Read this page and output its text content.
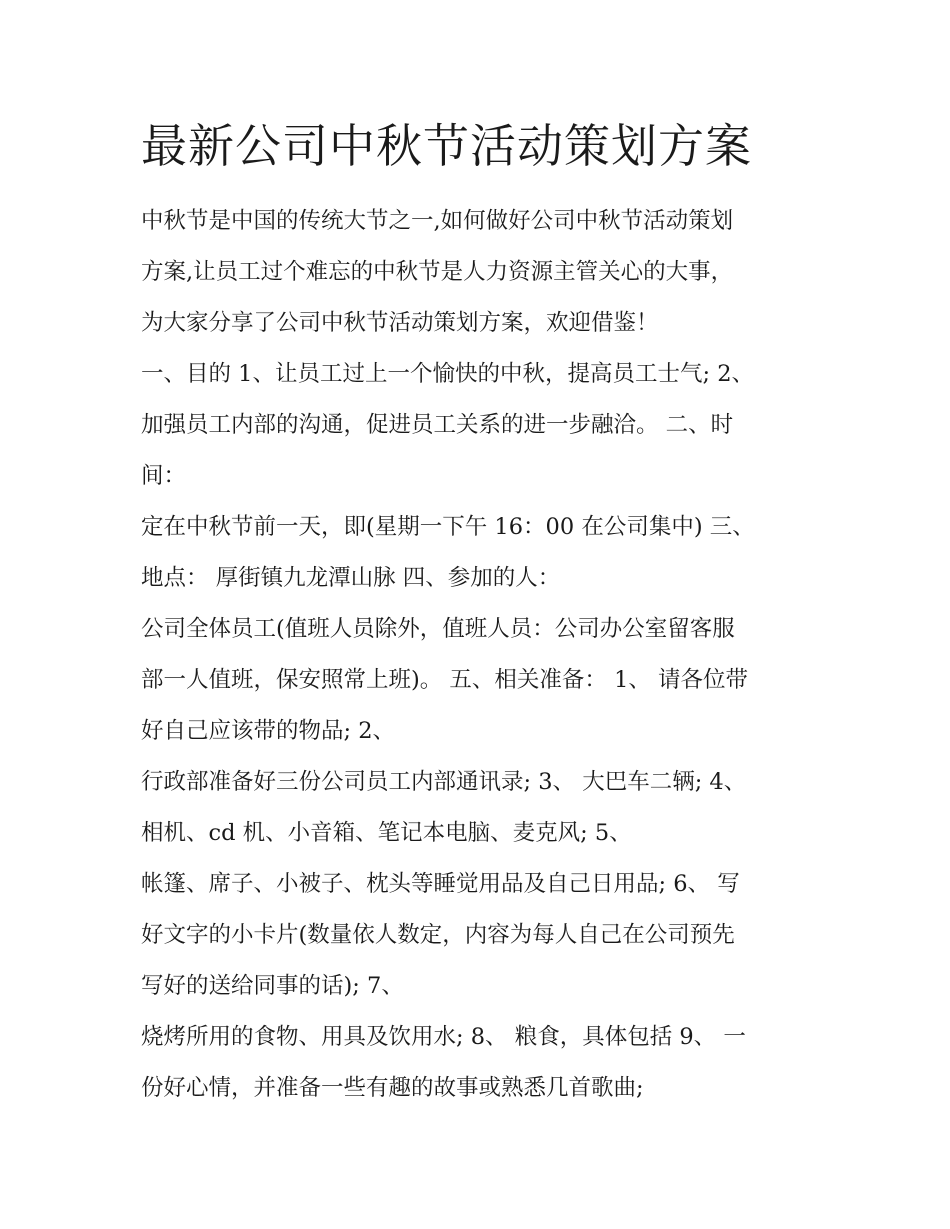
最新公司中秋节活动策划方案

中秋节是中国的传统大节之一,如何做好公司中秋节活动策划

方案,让员工过个难忘的中秋节是人力资源主管关心的大事，

为大家分享了公司中秋节活动策划方案，欢迎借鉴！

一、目的 1、让员工过上一个愉快的中秋，提高员工士气; 2、

加强员工内部的沟通，促进员工关系的进一步融洽。 二、时

间：

定在中秋节前一天，即(星期一下午 16：00 在公司集中) 三、

地点： 厚街镇九龙潭山脉 四、参加的人：

公司全体员工(值班人员除外，值班人员：公司办公室留客服

部一人值班，保安照常上班)。 五、相关准备： 1、 请各位带

好自己应该带的物品; 2、

行政部准备好三份公司员工内部通讯录; 3、 大巴车二辆; 4、

相机、cd 机、小音箱、笔记本电脑、麦克风; 5、

帐篷、席子、小被子、枕头等睡觉用品及自己日用品; 6、 写

好文字的小卡片(数量依人数定，内容为每人自己在公司预先

写好的送给同事的话); 7、

烧烤所用的食物、用具及饮用水; 8、 粮食，具体包括 9、 一

份好心情，并准备一些有趣的故事或熟悉几首歌曲;
